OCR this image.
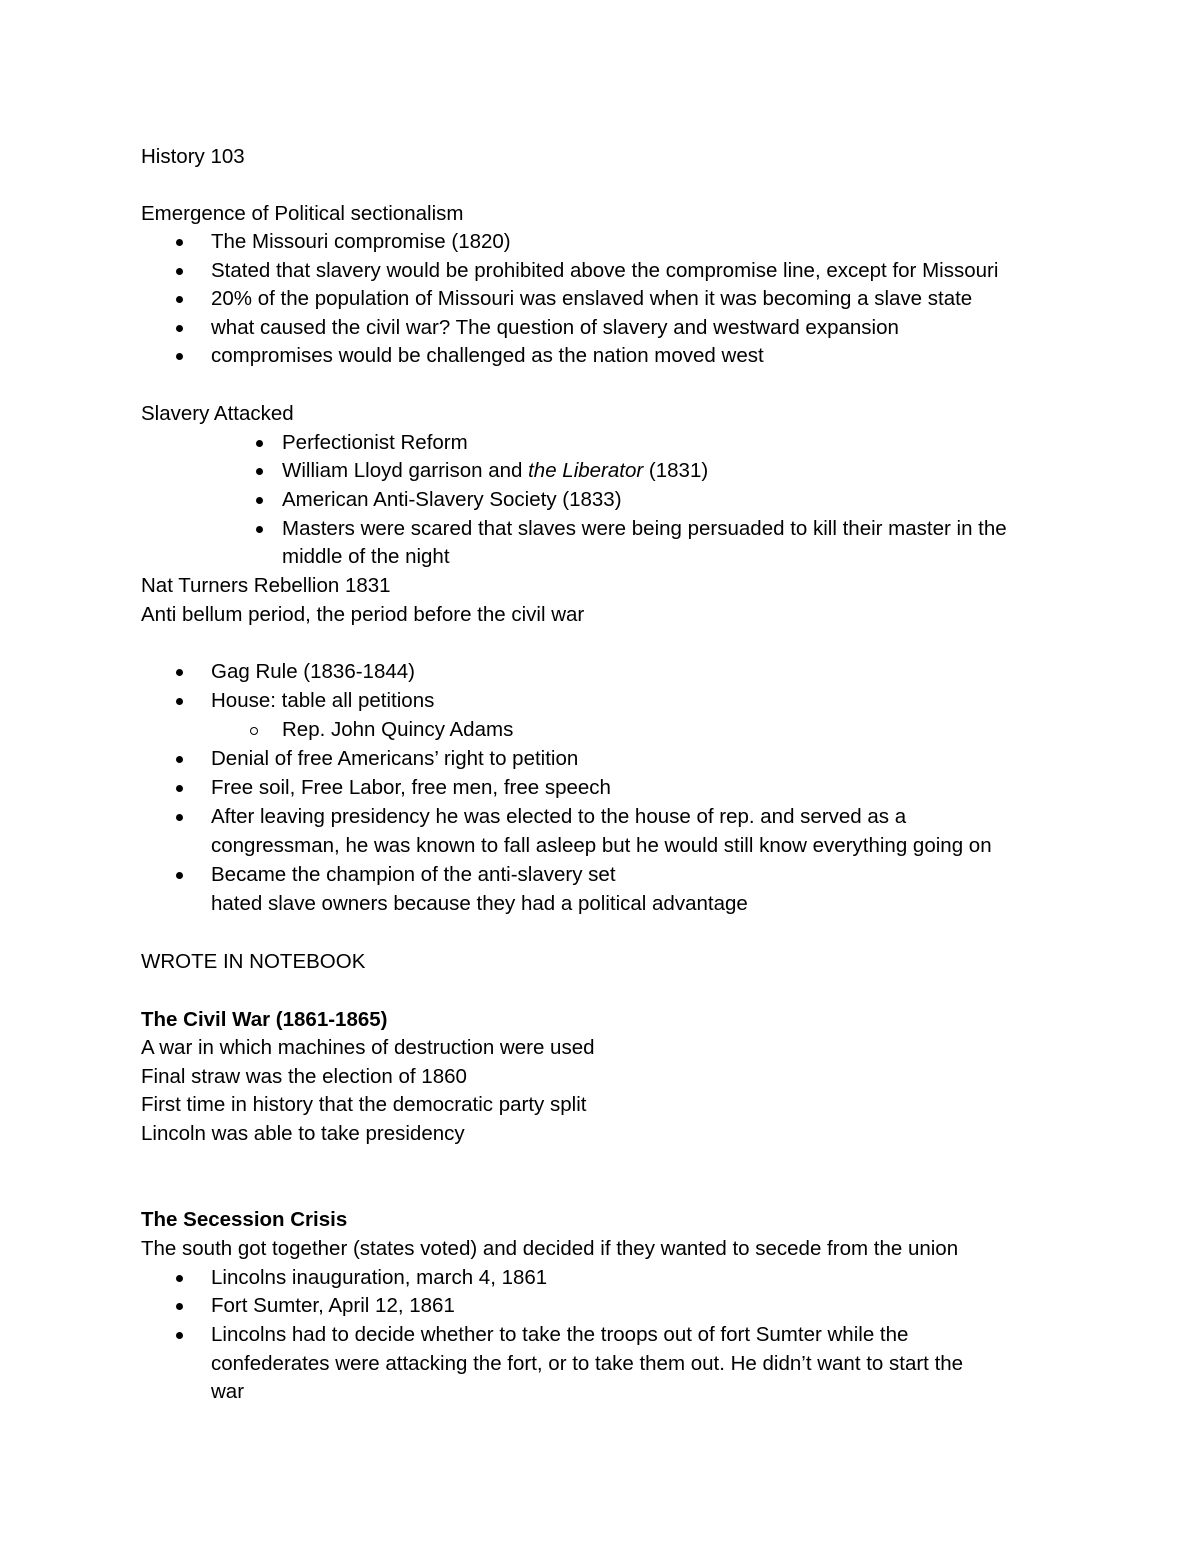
History 103
Emergence of Political sectionalism
The Missouri compromise (1820)
Stated that slavery would be prohibited above the compromise line, except for Missouri
20% of the population of Missouri was enslaved when it was becoming a slave state
what caused the civil war? The question of slavery and westward expansion
compromises would be challenged as the nation moved west
Slavery Attacked
Perfectionist Reform
William Lloyd garrison and the Liberator (1831)
American Anti-Slavery Society (1833)
Masters were scared that slaves were being persuaded to kill their master in the
middle of the night
Nat Turners Rebellion 1831
Anti bellum period, the period before the civil war
Gag Rule (1836-1844)
House: table all petitions
Rep. John Quincy Adams
Denial of free Americans’ right to petition
Free soil, Free Labor, free men, free speech
After leaving presidency he was elected to the house of rep. and served as a
congressman, he was known to fall asleep but he would still know everything going on
Became the champion of the anti-slavery set
hated slave owners because they had a political advantage
WROTE IN NOTEBOOK
The Civil War (1861-1865)
A war in which machines of destruction were used
Final straw was the election of 1860
First time in history that the democratic party split
Lincoln was able to take presidency
The Secession Crisis
The south got together (states voted) and decided if they wanted to secede from the union
Lincolns inauguration, march 4, 1861
Fort Sumter, April 12, 1861
Lincolns had to decide whether to take the troops out of fort Sumter while the
confederates were attacking the fort, or to take them out. He didn’t want to start the
war
